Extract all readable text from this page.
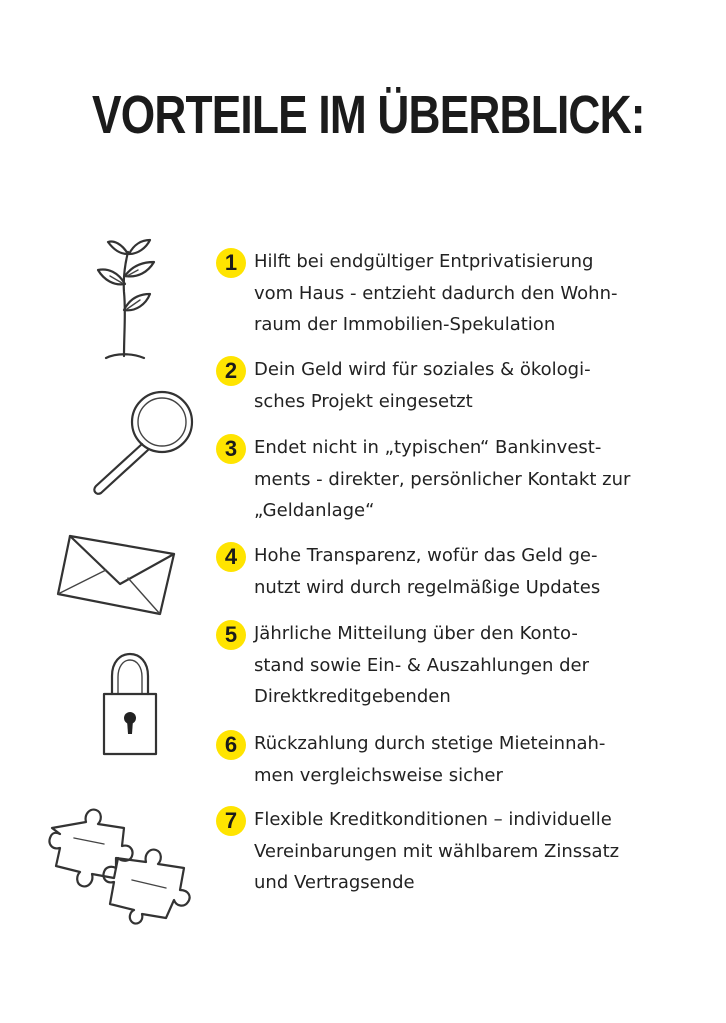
VORTEILE IM ÜBERBLICK:
1 Hilft bei endgültiger Entprivatisierung
vom Haus - entzieht dadurch den Wohn-
raum der Immobilien-Spekulation
2 Dein Geld wird für soziales & ökologi-
sches Projekt eingesetzt
3 Endet nicht in „typischen“ Bankinvest-
ments - direkter, persönlicher Kontakt zur
„Geldanlage“
4 Hohe Transparenz, wofür das Geld ge-
nutzt wird durch regelmäßige Updates
5 Jährliche Mitteilung über den Konto-
stand sowie Ein- & Auszahlungen der
Direktkreditgebenden
6 Rückzahlung durch stetige Mieteinnah-
men vergleichsweise sicher
7 Flexible Kreditkonditionen – individuelle
Vereinbarungen mit wählbarem Zinssatz
und Vertragsende
